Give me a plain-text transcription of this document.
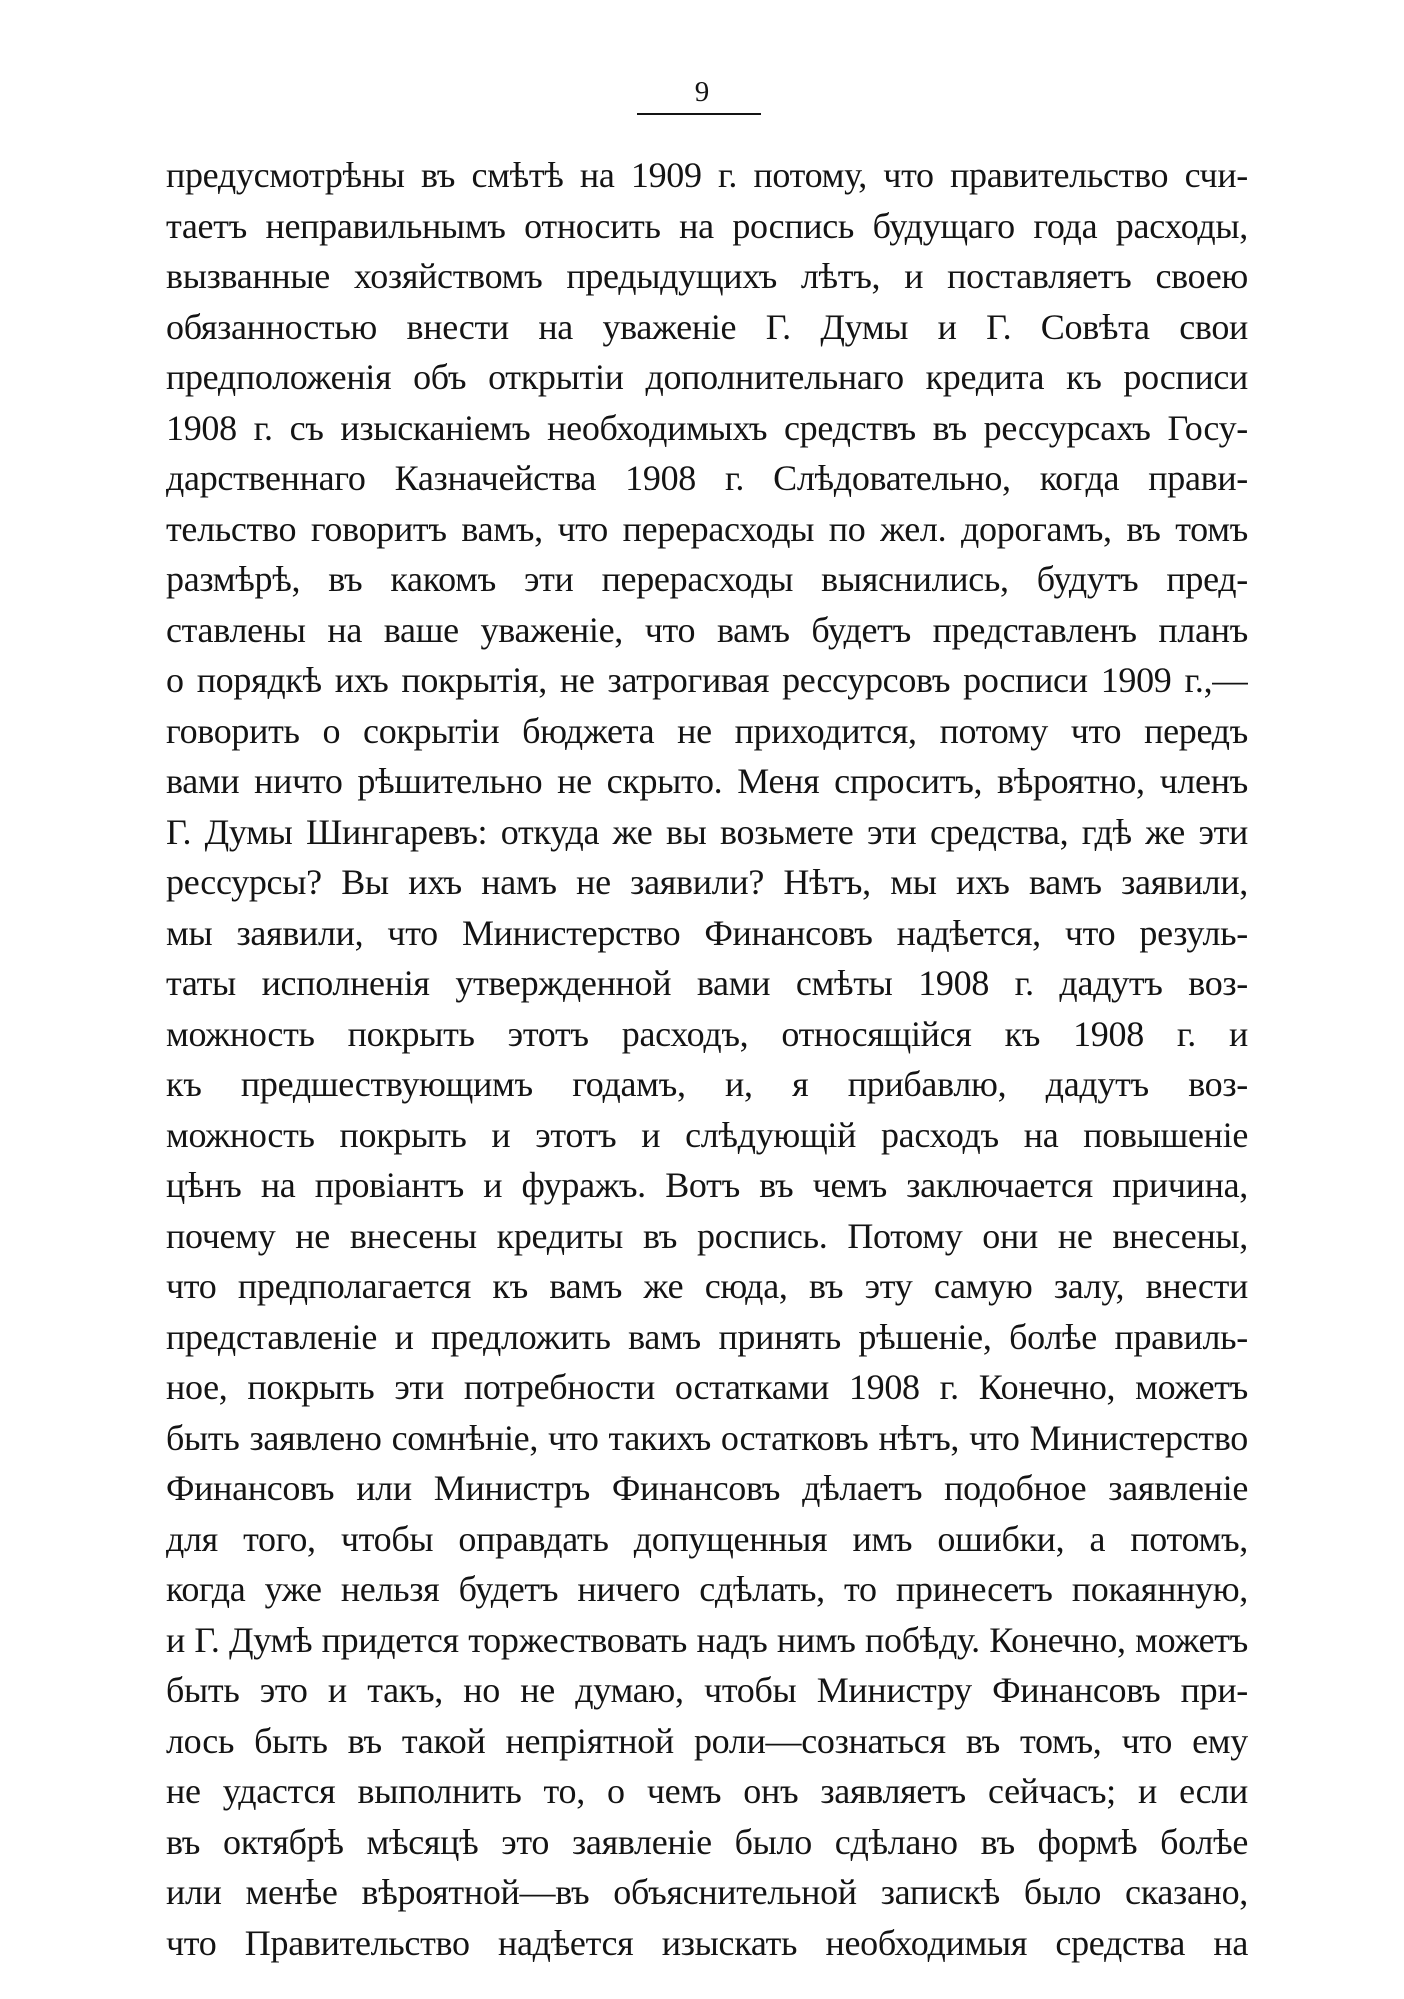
9
предусмотрѣны въ смѣтѣ на 1909 г. потому, что правительство счи-
таетъ неправильнымъ относить на роспись будущаго года расходы,
вызванные хозяйствомъ предыдущихъ лѣтъ, и поставляетъ своею
обязанностью внести на уваженіе Г. Думы и Г. Совѣта свои
предположенія объ открытіи дополнительнаго кредита къ росписи
1908 г. съ изысканіемъ необходимыхъ средствъ въ рессурсахъ Госу-
дарственнаго Казначейства 1908 г. Слѣдовательно, когда прави-
тельство говоритъ вамъ, что перерасходы по жел. дорогамъ, въ томъ
размѣрѣ, въ какомъ эти перерасходы выяснились, будутъ пред-
ставлены на ваше уваженіе, что вамъ будетъ представленъ планъ
о порядкѣ ихъ покрытія, не затрогивая рессурсовъ росписи 1909 г.,—
говорить о сокрытіи бюджета не приходится, потому что передъ
вами ничто рѣшительно не скрыто. Меня спроситъ, вѣроятно, членъ
Г. Думы Шингаревъ: откуда же вы возьмете эти средства, гдѣ же эти
рессурсы? Вы ихъ намъ не заявили? Нѣтъ, мы ихъ вамъ заявили,
мы заявили, что Министерство Финансовъ надѣется, что резуль-
таты исполненія утвержденной вами смѣты 1908 г. дадутъ воз-
можность покрыть этотъ расходъ, относящійся къ 1908 г. и
къ предшествующимъ годамъ, и, я прибавлю, дадутъ воз-
можность покрыть и этотъ и слѣдующій расходъ на повышеніе
цѣнъ на провіантъ и фуражъ. Вотъ въ чемъ заключается причина,
почему не внесены кредиты въ роспись. Потому они не внесены,
что предполагается къ вамъ же сюда, въ эту самую залу, внести
представленіе и предложить вамъ принять рѣшеніе, болѣе правиль-
ное, покрыть эти потребности остатками 1908 г. Конечно, можетъ
быть заявлено сомнѣніе, что такихъ остатковъ нѣтъ, что Министерство
Финансовъ или Министръ Финансовъ дѣлаетъ подобное заявленіе
для того, чтобы оправдать допущенныя имъ ошибки, а потомъ,
когда уже нельзя будетъ ничего сдѣлать, то принесетъ покаянную,
и Г. Думѣ придется торжествовать надъ нимъ побѣду. Конечно, можетъ
быть это и такъ, но не думаю, чтобы Министру Финансовъ при-
лось быть въ такой непріятной роли—сознаться въ томъ, что ему
не удастся выполнить то, о чемъ онъ заявляетъ сейчасъ; и если
въ октябрѣ мѣсяцѣ это заявленіе было сдѣлано въ формѣ болѣе
или менѣе вѣроятной—въ объяснительной запискѣ было сказано,
что Правительство надѣется изыскать необходимыя средства на
